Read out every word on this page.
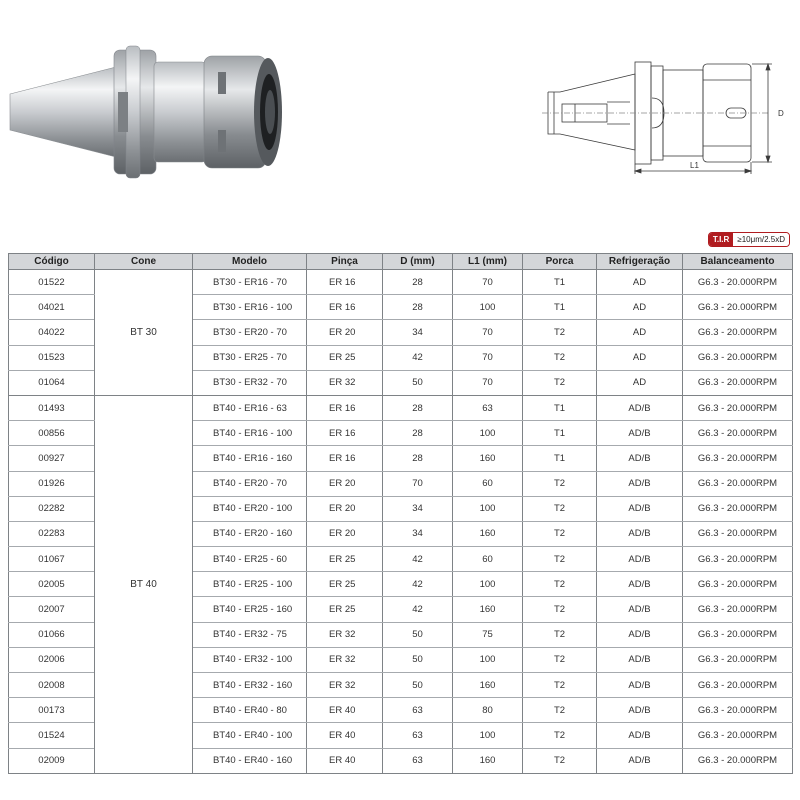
L1
D
T.I.R	≥10μm/2.5xD
Código	Cone	Modelo	Pinça	D (mm)	L1 (mm)	Porca	Refrigeração	Balanceamento
01522	BT 30	BT30 - ER16 - 70	ER 16	28	70	T1	AD	G6.3 - 20.000RPM
04021		BT30 - ER16 - 100	ER 16	28	100	T1	AD	G6.3 - 20.000RPM
04022		BT30 - ER20 - 70	ER 20	34	70	T2	AD	G6.3 - 20.000RPM
01523		BT30 - ER25 - 70	ER 25	42	70	T2	AD	G6.3 - 20.000RPM
01064		BT30 - ER32 - 70	ER 32	50	70	T2	AD	G6.3 - 20.000RPM
01493	BT 40	BT40 - ER16 - 63	ER 16	28	63	T1	AD/B	G6.3 - 20.000RPM
00856		BT40 - ER16 - 100	ER 16	28	100	T1	AD/B	G6.3 - 20.000RPM
00927		BT40 - ER16 - 160	ER 16	28	160	T1	AD/B	G6.3 - 20.000RPM
01926		BT40 - ER20 - 70	ER 20	70	60	T2	AD/B	G6.3 - 20.000RPM
02282		BT40 - ER20 - 100	ER 20	34	100	T2	AD/B	G6.3 - 20.000RPM
02283		BT40 - ER20 - 160	ER 20	34	160	T2	AD/B	G6.3 - 20.000RPM
01067		BT40 - ER25 - 60	ER 25	42	60	T2	AD/B	G6.3 - 20.000RPM
02005		BT40 - ER25 - 100	ER 25	42	100	T2	AD/B	G6.3 - 20.000RPM
02007		BT40 - ER25 - 160	ER 25	42	160	T2	AD/B	G6.3 - 20.000RPM
01066		BT40 - ER32 - 75	ER 32	50	75	T2	AD/B	G6.3 - 20.000RPM
02006		BT40 - ER32 - 100	ER 32	50	100	T2	AD/B	G6.3 - 20.000RPM
02008		BT40 - ER32 - 160	ER 32	50	160	T2	AD/B	G6.3 - 20.000RPM
00173		BT40 - ER40 - 80	ER 40	63	80	T2	AD/B	G6.3 - 20.000RPM
01524		BT40 - ER40 - 100	ER 40	63	100	T2	AD/B	G6.3 - 20.000RPM
02009		BT40 - ER40 - 160	ER 40	63	160	T2	AD/B	G6.3 - 20.000RPM
